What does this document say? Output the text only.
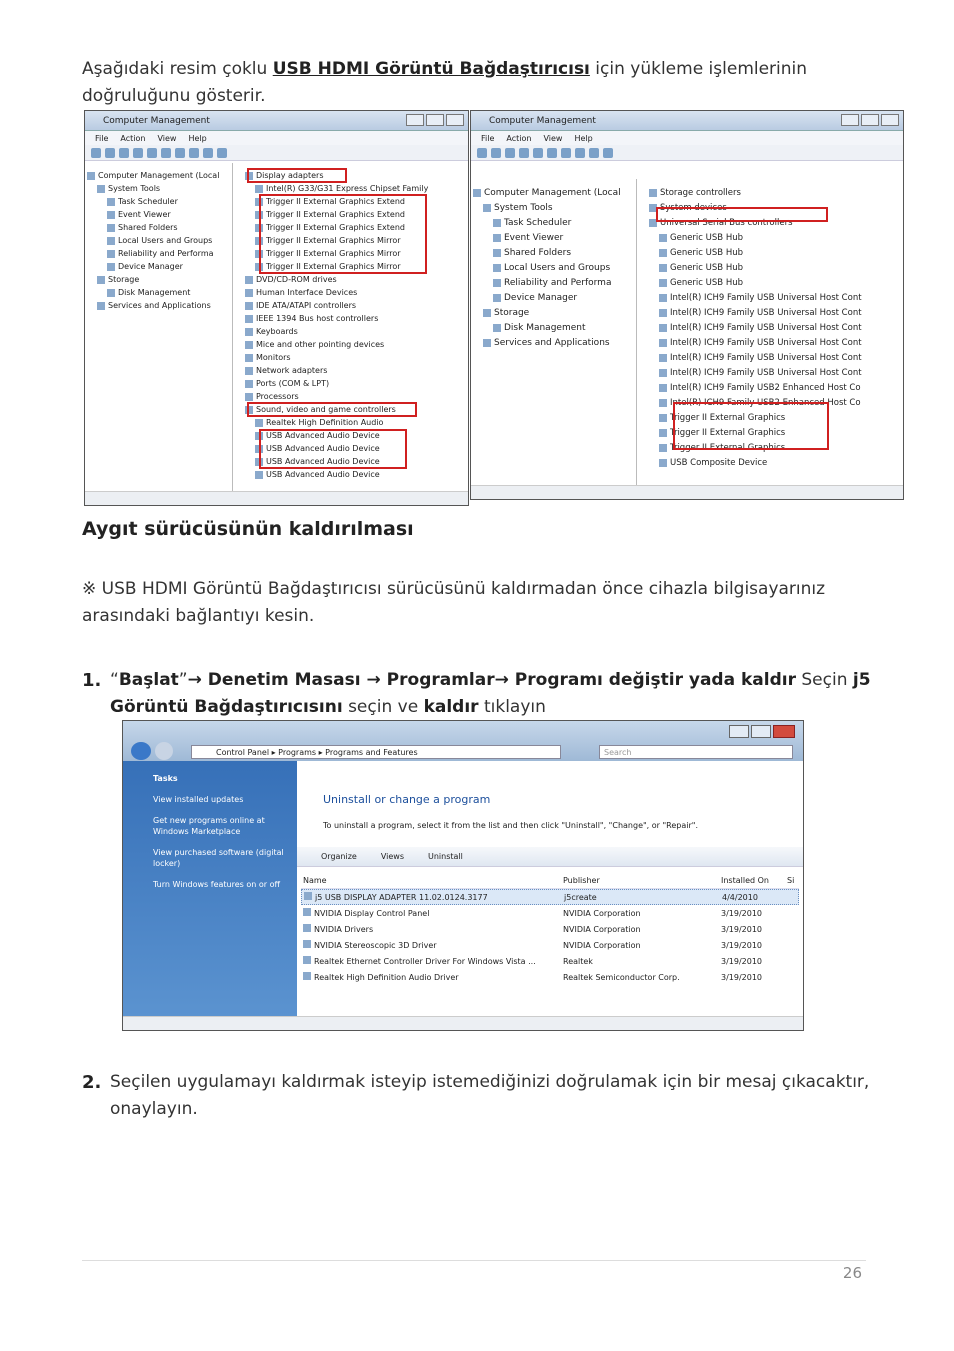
Aşağıdaki resim çoklu USB HDMI Görüntü Bağdaştırıcısı için yükleme işlemlerinin doğruluğunu gösterir.

Computer Management
File Action View Help
Computer Management (Local
System Tools
Task Scheduler
Event Viewer
Shared Folders
Local Users and Groups
Reliability and Performa
Device Manager
Storage
Disk Management
Services and Applications
Display adapters
Intel(R) G33/G31 Express Chipset Family
Trigger II External Graphics Extend
Trigger II External Graphics Extend
Trigger II External Graphics Extend
Trigger II External Graphics Mirror
Trigger II External Graphics Mirror
Trigger II External Graphics Mirror
DVD/CD-ROM drives
Human Interface Devices
IDE ATA/ATAPI controllers
IEEE 1394 Bus host controllers
Keyboards
Mice and other pointing devices
Monitors
Network adapters
Ports (COM & LPT)
Processors
Sound, video and game controllers
Realtek High Definition Audio
USB Advanced Audio Device
USB Advanced Audio Device
USB Advanced Audio Device
USB Advanced Audio Device
Computer Management
File Action View Help
Computer Management (Local
System Tools
Task Scheduler
Event Viewer
Shared Folders
Local Users and Groups
Reliability and Performa
Device Manager
Storage
Disk Management
Services and Applications
Storage controllers
System devices
Universal Serial Bus controllers
Generic USB Hub
Generic USB Hub
Generic USB Hub
Generic USB Hub
Intel(R) ICH9 Family USB Universal Host Cont
Intel(R) ICH9 Family USB Universal Host Cont
Intel(R) ICH9 Family USB Universal Host Cont
Intel(R) ICH9 Family USB Universal Host Cont
Intel(R) ICH9 Family USB Universal Host Cont
Intel(R) ICH9 Family USB Universal Host Cont
Intel(R) ICH9 Family USB2 Enhanced Host Co
Intel(R) ICH9 Family USB2 Enhanced Host Co
Trigger II External Graphics
Trigger II External Graphics
Trigger II External Graphics
USB Composite Device
Aygıt sürücüsünün kaldırılması

※ USB HDMI Görüntü Bağdaştırıcısı sürücüsünü kaldırmadan önce cihazla bilgisayarınız arasındaki bağlantıyı kesin.

1. “Başlat”→ Denetim Masası → Programlar→ Programı değiştir yada kaldır Seçin j5 Görüntü Bağdaştırıcısını seçin ve kaldır tıklayın
Control Panel ▸ Programs ▸ Programs and Features	Search
Tasks
View installed updates
Get new programs online at Windows Marketplace
View purchased software (digital locker)
Turn Windows features on or off
Uninstall or change a program
To uninstall a program, select it from the list and then click "Uninstall", "Change", or "Repair".
Organize	Views	Uninstall
Name	Publisher	Installed On	Si
j5 USB DISPLAY ADAPTER 11.02.0124.3177	j5create	4/4/2010
NVIDIA Display Control Panel	NVIDIA Corporation	3/19/2010
NVIDIA Drivers	NVIDIA Corporation	3/19/2010
NVIDIA Stereoscopic 3D Driver	NVIDIA Corporation	3/19/2010
Realtek Ethernet Controller Driver For Windows Vista ...	Realtek	3/19/2010
Realtek High Definition Audio Driver	Realtek Semiconductor Corp.	3/19/2010
2. Seçilen uygulamayı kaldırmak isteyip istemediğinizi doğrulamak için bir mesaj çıkacaktır, onaylayın.
26
